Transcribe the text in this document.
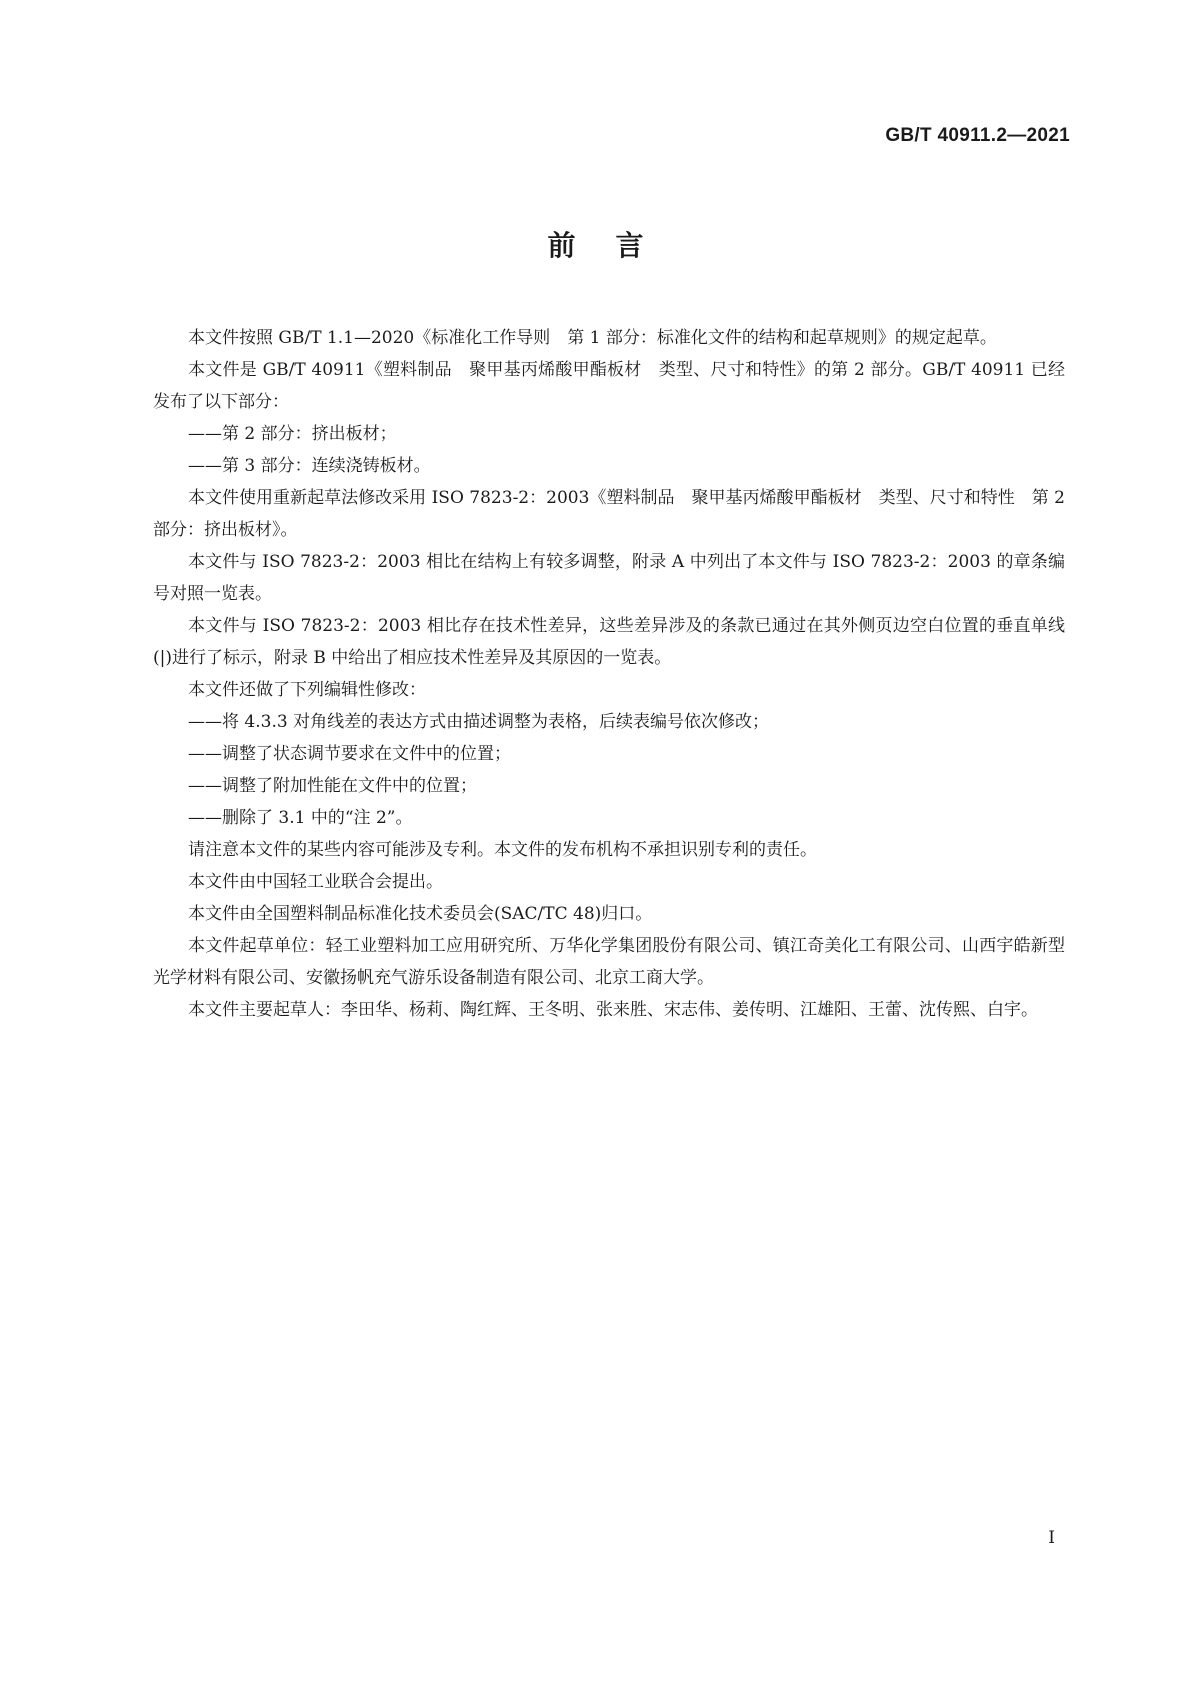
GB/T 40911.2—2021
前言

本文件按照 GB/T 1.1—2020《标准化工作导则　第 1 部分：标准化文件的结构和起草规则》的规定起草。

本文件是 GB/T 40911《塑料制品　聚甲基丙烯酸甲酯板材　类型、尺寸和特性》的第 2 部分。GB/T 40911 已经发布了以下部分：

——第 2 部分：挤出板材；

——第 3 部分：连续浇铸板材。

本文件使用重新起草法修改采用 ISO 7823-2：2003《塑料制品　聚甲基丙烯酸甲酯板材　类型、尺寸和特性　第 2 部分：挤出板材》。

本文件与 ISO 7823-2：2003 相比在结构上有较多调整，附录 A 中列出了本文件与 ISO 7823-2：2003 的章条编号对照一览表。

本文件与 ISO 7823-2：2003 相比存在技术性差异，这些差异涉及的条款已通过在其外侧页边空白位置的垂直单线(|)进行了标示，附录 B 中给出了相应技术性差异及其原因的一览表。

本文件还做了下列编辑性修改：

——将 4.3.3 对角线差的表达方式由描述调整为表格，后续表编号依次修改；

——调整了状态调节要求在文件中的位置；

——调整了附加性能在文件中的位置；

——删除了 3.1 中的“注 2”。

请注意本文件的某些内容可能涉及专利。本文件的发布机构不承担识别专利的责任。

本文件由中国轻工业联合会提出。

本文件由全国塑料制品标准化技术委员会(SAC/TC 48)归口。

本文件起草单位：轻工业塑料加工应用研究所、万华化学集团股份有限公司、镇江奇美化工有限公司、山西宇皓新型光学材料有限公司、安徽扬帆充气游乐设备制造有限公司、北京工商大学。

本文件主要起草人：李田华、杨莉、陶红辉、王冬明、张来胜、宋志伟、姜传明、江雄阳、王蕾、沈传熙、白宇。

I
